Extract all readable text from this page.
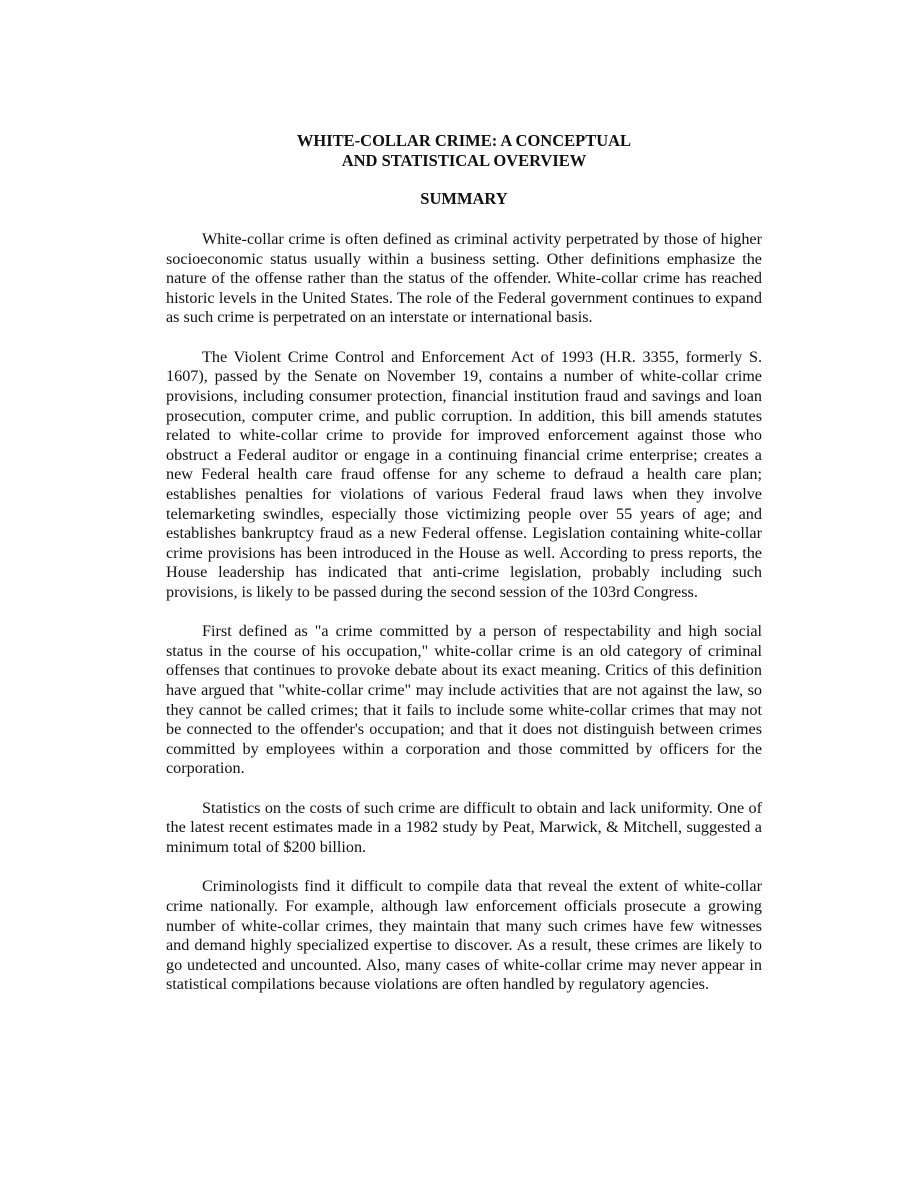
WHITE-COLLAR CRIME: A CONCEPTUAL
AND STATISTICAL OVERVIEW
SUMMARY

White-collar crime is often defined as criminal activity perpetrated by those of higher socioeconomic status usually within a business setting. Other definitions emphasize the nature of the offense rather than the status of the offender. White-collar crime has reached historic levels in the United States. The role of the Federal government continues to expand as such crime is perpetrated on an interstate or international basis.

The Violent Crime Control and Enforcement Act of 1993 (H.R. 3355, formerly S. 1607), passed by the Senate on November 19, contains a number of white-collar crime provisions, including consumer protection, financial institution fraud and savings and loan prosecution, computer crime, and public corruption. In addition, this bill amends statutes related to white-collar crime to provide for improved enforcement against those who obstruct a Federal auditor or engage in a continuing financial crime enterprise; creates a new Federal health care fraud offense for any scheme to defraud a health care plan; establishes penalties for violations of various Federal fraud laws when they involve telemarketing swindles, especially those victimizing people over 55 years of age; and establishes bankruptcy fraud as a new Federal offense. Legislation containing white-collar crime provisions has been introduced in the House as well. According to press reports, the House leadership has indicated that anti-crime legislation, probably including such provisions, is likely to be passed during the second session of the 103rd Congress.

First defined as "a crime committed by a person of respectability and high social status in the course of his occupation," white-collar crime is an old category of criminal offenses that continues to provoke debate about its exact meaning. Critics of this definition have argued that "white-collar crime" may include activities that are not against the law, so they cannot be called crimes; that it fails to include some white-collar crimes that may not be connected to the offender's occupation; and that it does not distinguish between crimes committed by employees within a corporation and those committed by officers for the corporation.

Statistics on the costs of such crime are difficult to obtain and lack uniformity. One of the latest recent estimates made in a 1982 study by Peat, Marwick, & Mitchell, suggested a minimum total of $200 billion.

Criminologists find it difficult to compile data that reveal the extent of white-collar crime nationally. For example, although law enforcement officials prosecute a growing number of white-collar crimes, they maintain that many such crimes have few witnesses and demand highly specialized expertise to discover. As a result, these crimes are likely to go undetected and uncounted. Also, many cases of white-collar crime may never appear in statistical compilations because violations are often handled by regulatory agencies.
